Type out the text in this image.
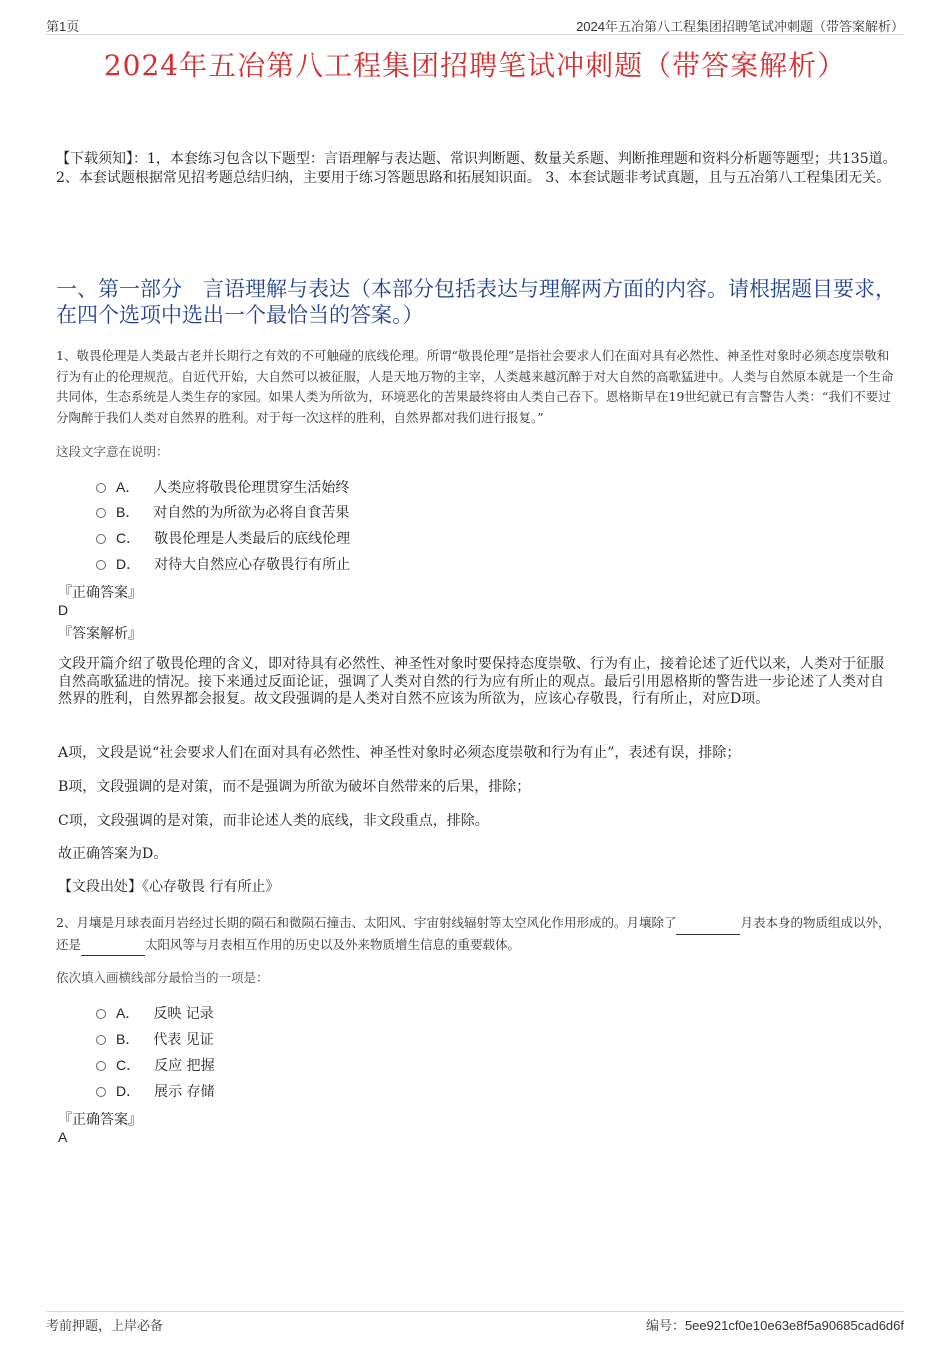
第1页	2024年五冶第八工程集团招聘笔试冲刺题（带答案解析）
2024年五冶第八工程集团招聘笔试冲刺题（带答案解析）
【下载须知】：1，本套练习包含以下题型：言语理解与表达题、常识判断题、数量关系题、判断推理题和资料分析题等题型；共135道。 2、本套试题根据常见招考题总结归纳，主要用于练习答题思路和拓展知识面。 3、本套试题非考试真题，且与五冶第八工程集团无关。
一、第一部分　言语理解与表达（本部分包括表达与理解两方面的内容。请根据题目要求，在四个选项中选出一个最恰当的答案。）
1、敬畏伦理是人类最古老并长期行之有效的不可触碰的底线伦理。所谓“敬畏伦理”是指社会要求人们在面对具有必然性、神圣性对象时必须态度崇敬和行为有止的伦理规范。自近代开始，大自然可以被征服，人是天地万物的主宰，人类越来越沉醉于对大自然的高歌猛进中。人类与自然原本就是一个生命共同体，生态系统是人类生存的家园。如果人类为所欲为，环境恶化的苦果最终将由人类自己吞下。恩格斯早在19世纪就已有言警告人类：“我们不要过分陶醉于我们人类对自然界的胜利。对于每一次这样的胜利，自然界都对我们进行报复。”
这段文字意在说明：
A． 人类应将敬畏伦理贯穿生活始终
B． 对自然的为所欲为必将自食苦果
C． 敬畏伦理是人类最后的底线伦理
D． 对待大自然应心存敬畏行有所止
『正确答案』
D
『答案解析』
文段开篇介绍了敬畏伦理的含义，即对待具有必然性、神圣性对象时要保持态度崇敬、行为有止，接着论述了近代以来，人类对于征服自然高歌猛进的情况。接下来通过反面论证，强调了人类对自然的行为应有所止的观点。最后引用恩格斯的警告进一步论述了人类对自然界的胜利，自然界都会报复。故文段强调的是人类对自然不应该为所欲为，应该心存敬畏，行有所止，对应D项。
A项，文段是说“社会要求人们在面对具有必然性、神圣性对象时必须态度崇敬和行为有止”，表述有误，排除；
B项，文段强调的是对策，而不是强调为所欲为破坏自然带来的后果，排除；
C项，文段强调的是对策，而非论述人类的底线，非文段重点，排除。
故正确答案为D。
【文段出处】《心存敬畏 行有所止》
2、月壤是月球表面月岩经过长期的陨石和微陨石撞击、太阳风、宇宙射线辐射等太空风化作用形成的。月壤除了	月表本身的物质组成以外，还是	太阳风等与月表相互作用的历史以及外来物质增生信息的重要载体。
依次填入画横线部分最恰当的一项是：
A． 反映 记录
B． 代表 见证
C． 反应 把握
D． 展示 存储
『正确答案』
A
考前押题，上岸必备	编号：5ee921cf0e10e63e8f5a90685cad6d6f
